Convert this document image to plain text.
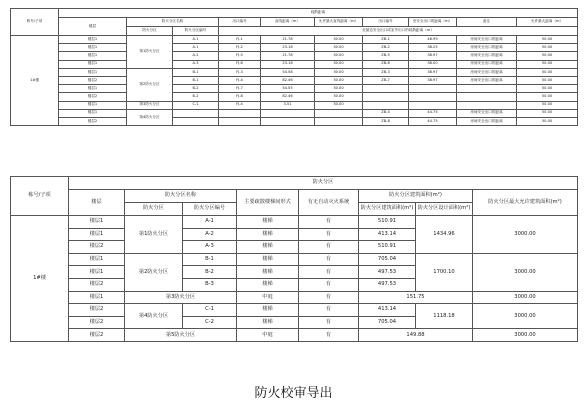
栋号/子项	疏散距离									
	楼层	防火分区名称		出口编号	直线距离（m）	允许最大直线距离（m）	出口编号	至安全出口的距离（m）	备注	允许最大距离（m）
		防火分区	防火分区编号	至最近安全出口或室外出口的疏散距离（m）						
1#楼	楼层1	第1防火分区	A-1	FJ-1	21.78	30.00	ZB-1	48.99	房间安全出口的距离	50.00
	楼层1		A-1	FJ-2	23.18	30.00	ZB-2	38.25	房间安全出口的距离	50.00
	楼层1		A-2	FJ-5	21.78	30.00	ZB-5	38.97	房间安全出口的距离	50.00
	楼层1		A-3	FJ-6	23.18	30.00	ZB-6	38.00	房间安全出口的距离	50.00
	楼层1	第2防火分区	B-1	FJ-3	54.58	30.00	ZB-3	38.97	房间安全出口的距离	50.00
	楼层2		B-1	FJ-4	82.46	30.00	ZB-7	38.97	房间安全出口的距离	50.00
	楼层1		B-2	FJ-7	54.55	30.00				50.00
	楼层2		B-2	FJ-8	82.46	30.00				50.00
	楼层1	第3防火分区	C-1	FJ-4	3.51	30.00				50.00
	楼层1	第4防火分区					ZB-4	44.75	房间安全出口的距离	50.00
	楼层2						ZB-8	44.75	房间安全出口的距离	50.00
栋号/子项	防火分区							
	楼层	防火分区名称		主要疏散楼梯间形式	有无自动灭火系统	防火分区建筑面积(m²)		防火分区最大允许建筑面积(m²)
		防火分区	防火分区编号			防火分区建筑面积(m²)	防火分区设计面积(m²)	
1#楼	楼层1	第1防火分区	A-1	楼梯	有	510.91	1434.96	3000.00
	楼层1		A-2	楼梯	有	413.14		
	楼层2		A-3	楼梯	有	510.91		
	楼层1	第2防火分区	B-1	楼梯	有	705.04	1700.10	3000.00
	楼层1		B-2	楼梯	有	497.53		
	楼层2		B-3	楼梯	有	497.53		
	楼层1	第3防火分区		中庭	有	151.75		3000.00
	楼层2	第4防火分区	C-1	楼梯	有	413.14	1118.18	3000.00
	楼层2		C-2	楼梯	有	705.04		
	楼层2	第5防火分区		中庭	有	149.88		3000.00
防火校审导出
